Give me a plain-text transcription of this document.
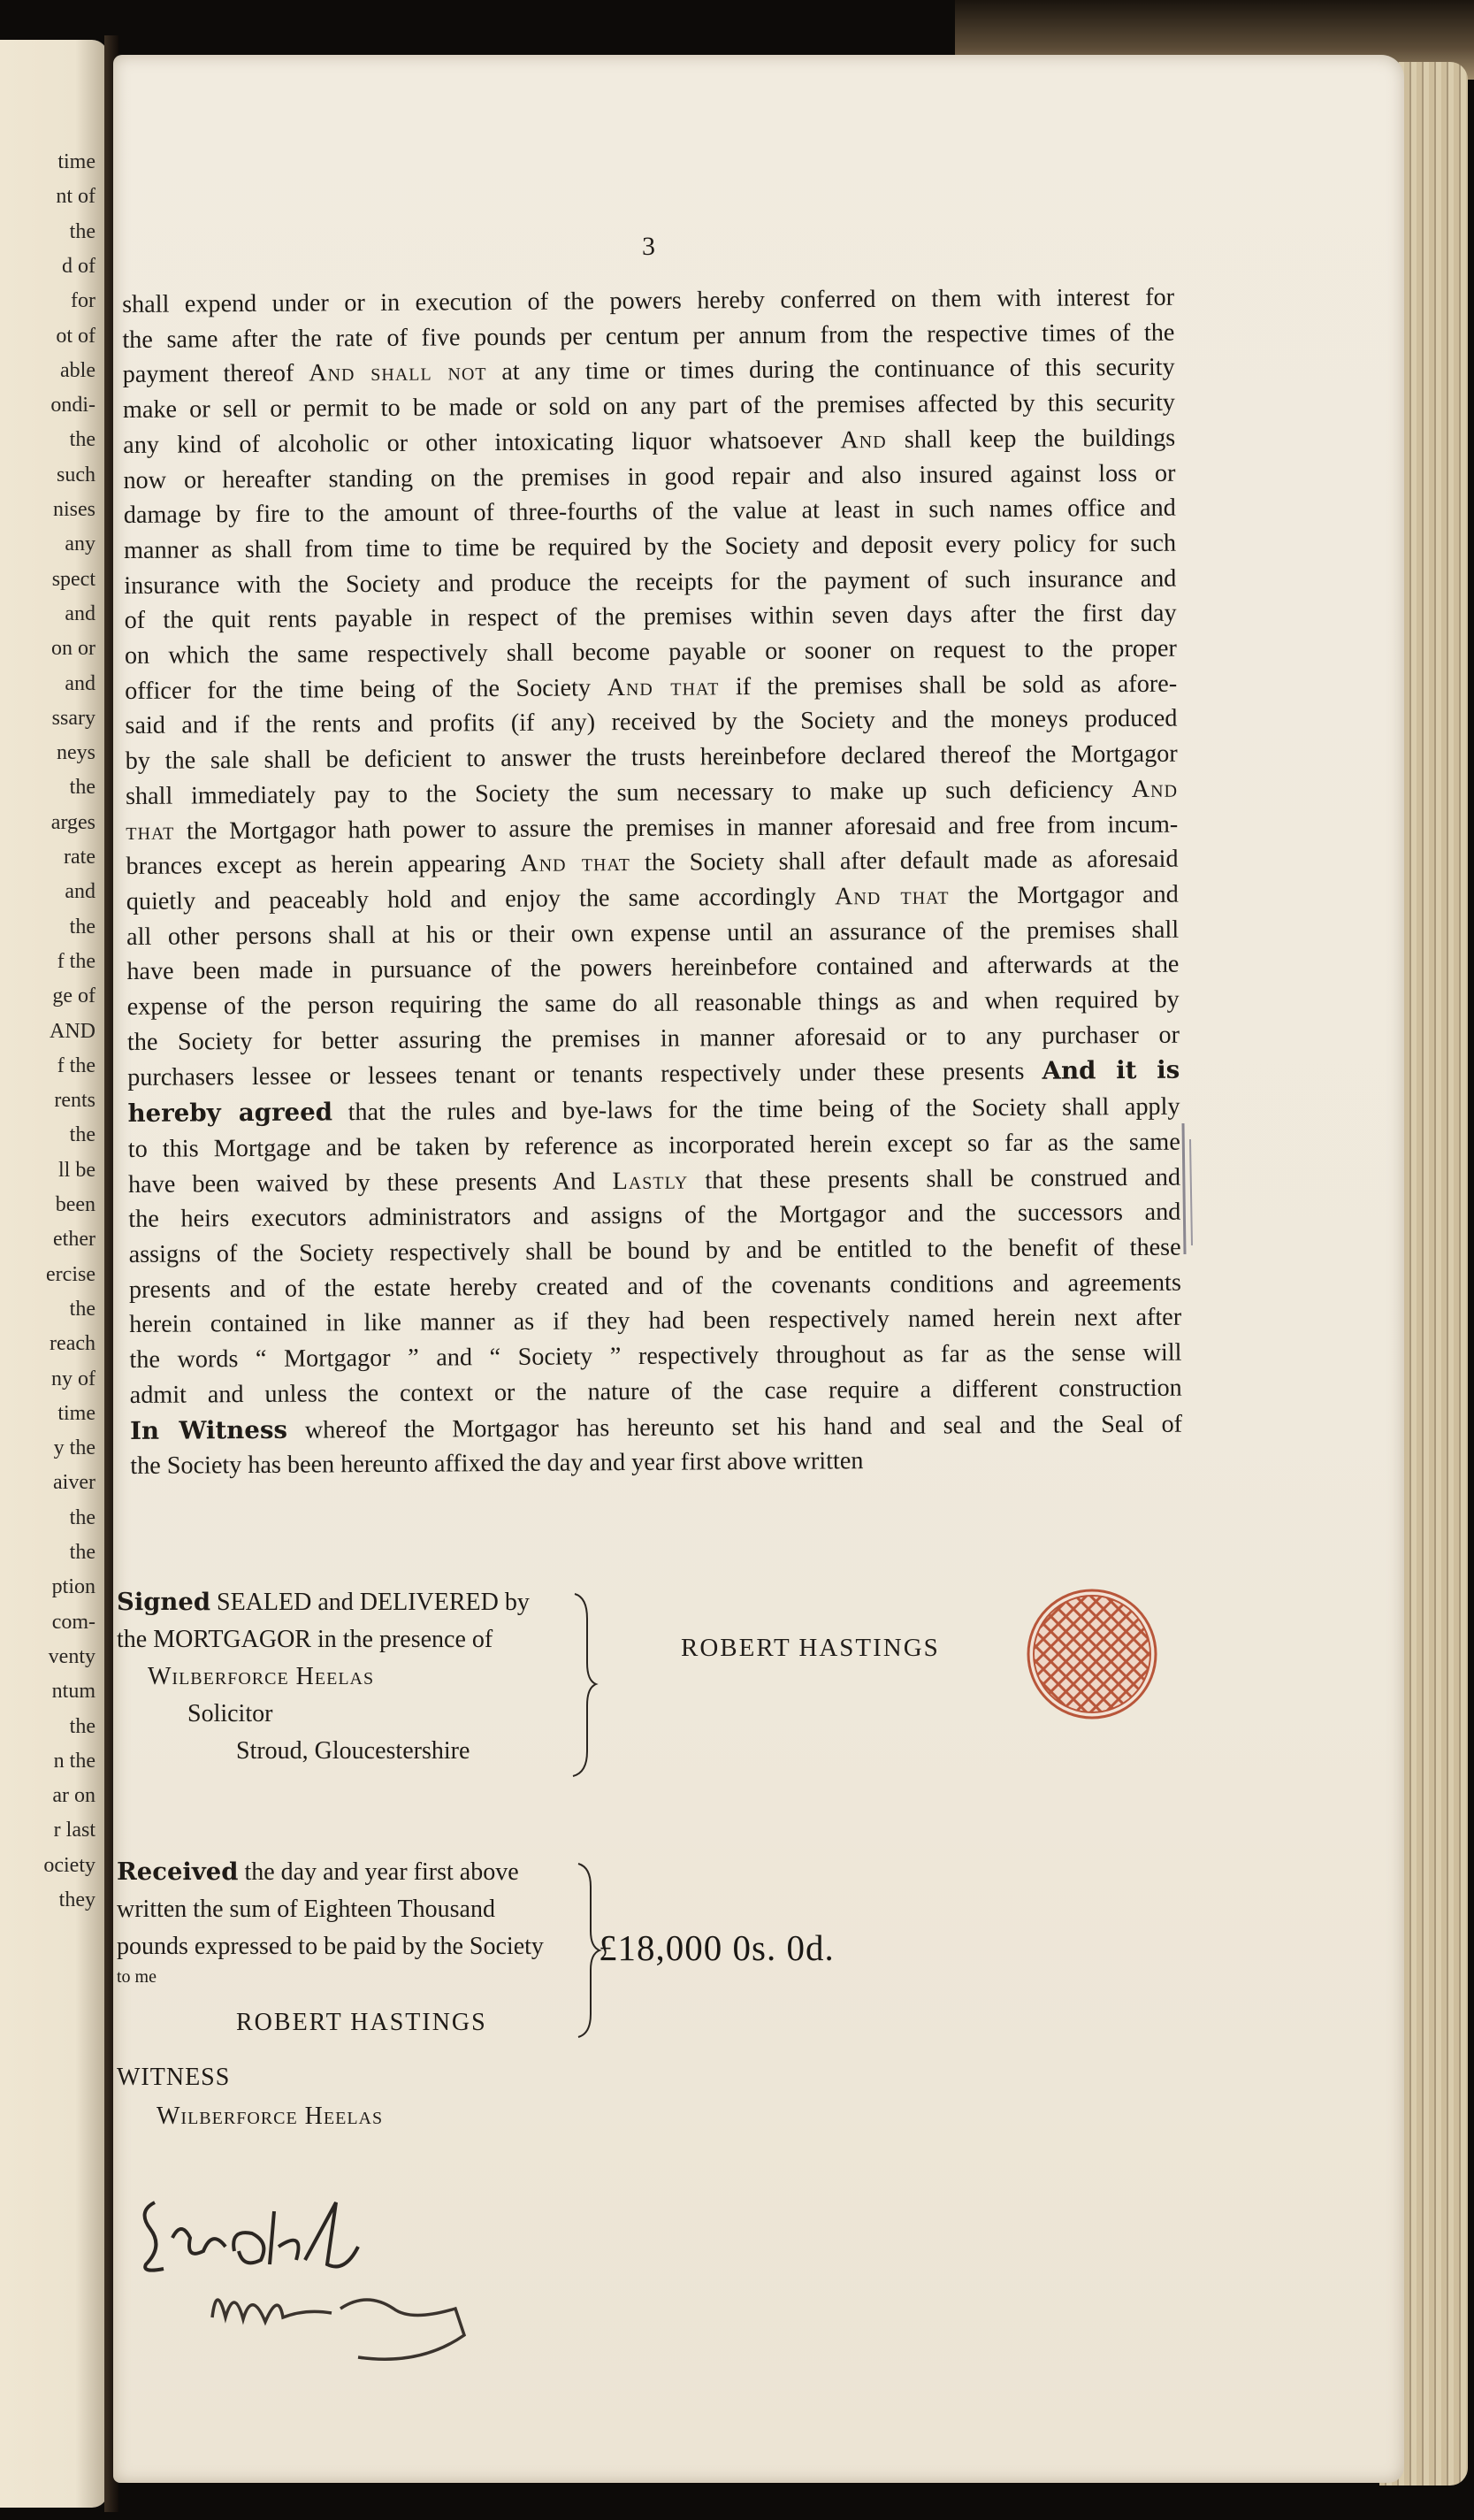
time
nt of
the
d of
for
ot of
able
ondi-
the
such
nises
any
spect
and
on or
and
ssary
neys
the
arges
rate
and
the
f the
ge of
AND
f the
rents
the
ll be
been
ether
ercise
the
reach
ny of
time
y the
aiver
the
the
ption
com-
venty
ntum
the
n the
ar on
r last
ociety
they
3
shall expend under or in execution of the powers hereby conferred on them with interest for
the same after the rate of five pounds per centum per annum from the respective times of the
payment thereof And shall not at any time or times during the continuance of this security
make or sell or permit to be made or sold on any part of the premises affected by this security
any kind of alcoholic or other intoxicating liquor whatsoever And shall keep the buildings
now or hereafter standing on the premises in good repair and also insured against loss or
damage by fire to the amount of three-fourths of the value at least in such names office and
manner as shall from time to time be required by the Society and deposit every policy for such
insurance with the Society and produce the receipts for the payment of such insurance and
of the quit rents payable in respect of the premises within seven days after the first day
on which the same respectively shall become payable or sooner on request to the proper
officer for the time being of the Society And that if the premises shall be sold as afore-
said and if the rents and profits (if any) received by the Society and the moneys produced
by the sale shall be deficient to answer the trusts hereinbefore declared thereof the Mortgagor
shall immediately pay to the Society the sum necessary to make up such deficiency And
that the Mortgagor hath power to assure the premises in manner aforesaid and free from incum-
brances except as herein appearing And that the Society shall after default made as aforesaid
quietly and peaceably hold and enjoy the same accordingly And that the Mortgagor and
all other persons shall at his or their own expense until an assurance of the premises shall
have been made in pursuance of the powers hereinbefore contained and afterwards at the
expense of the person requiring the same do all reasonable things as and when required by
the Society for better assuring the premises in manner aforesaid or to any purchaser or
purchasers lessee or lessees tenant or tenants respectively under these presents And it is
hereby agreed that the rules and bye-laws for the time being of the Society shall apply
to this Mortgage and be taken by reference as incorporated herein except so far as the same
have been waived by these presents And Lastly that these presents shall be construed and
the heirs executors administrators and assigns of the Mortgagor and the successors and
assigns of the Society respectively shall be bound by and be entitled to the benefit of these
presents and of the estate hereby created and of the covenants conditions and agreements
herein contained in like manner as if they had been respectively named herein next after
the words “ Mortgagor ” and “ Society ” respectively throughout as far as the sense will
admit and unless the context or the nature of the case require a different construction
In Witness whereof the Mortgagor has hereunto set his hand and seal and the Seal of
the Society has been hereunto affixed the day and year first above written
Signed SEALED and DELIVERED by
the MORTGAGOR in the presence of
Wilberforce Heelas
Solicitor
Stroud, Gloucestershire
ROBERT HASTINGS
Received the day and year first above
written the sum of Eighteen Thousand
pounds expressed to be paid by the Society
to me
ROBERT HASTINGS
WITNESS
Wilberforce Heelas
£18,000 0s. 0d.
